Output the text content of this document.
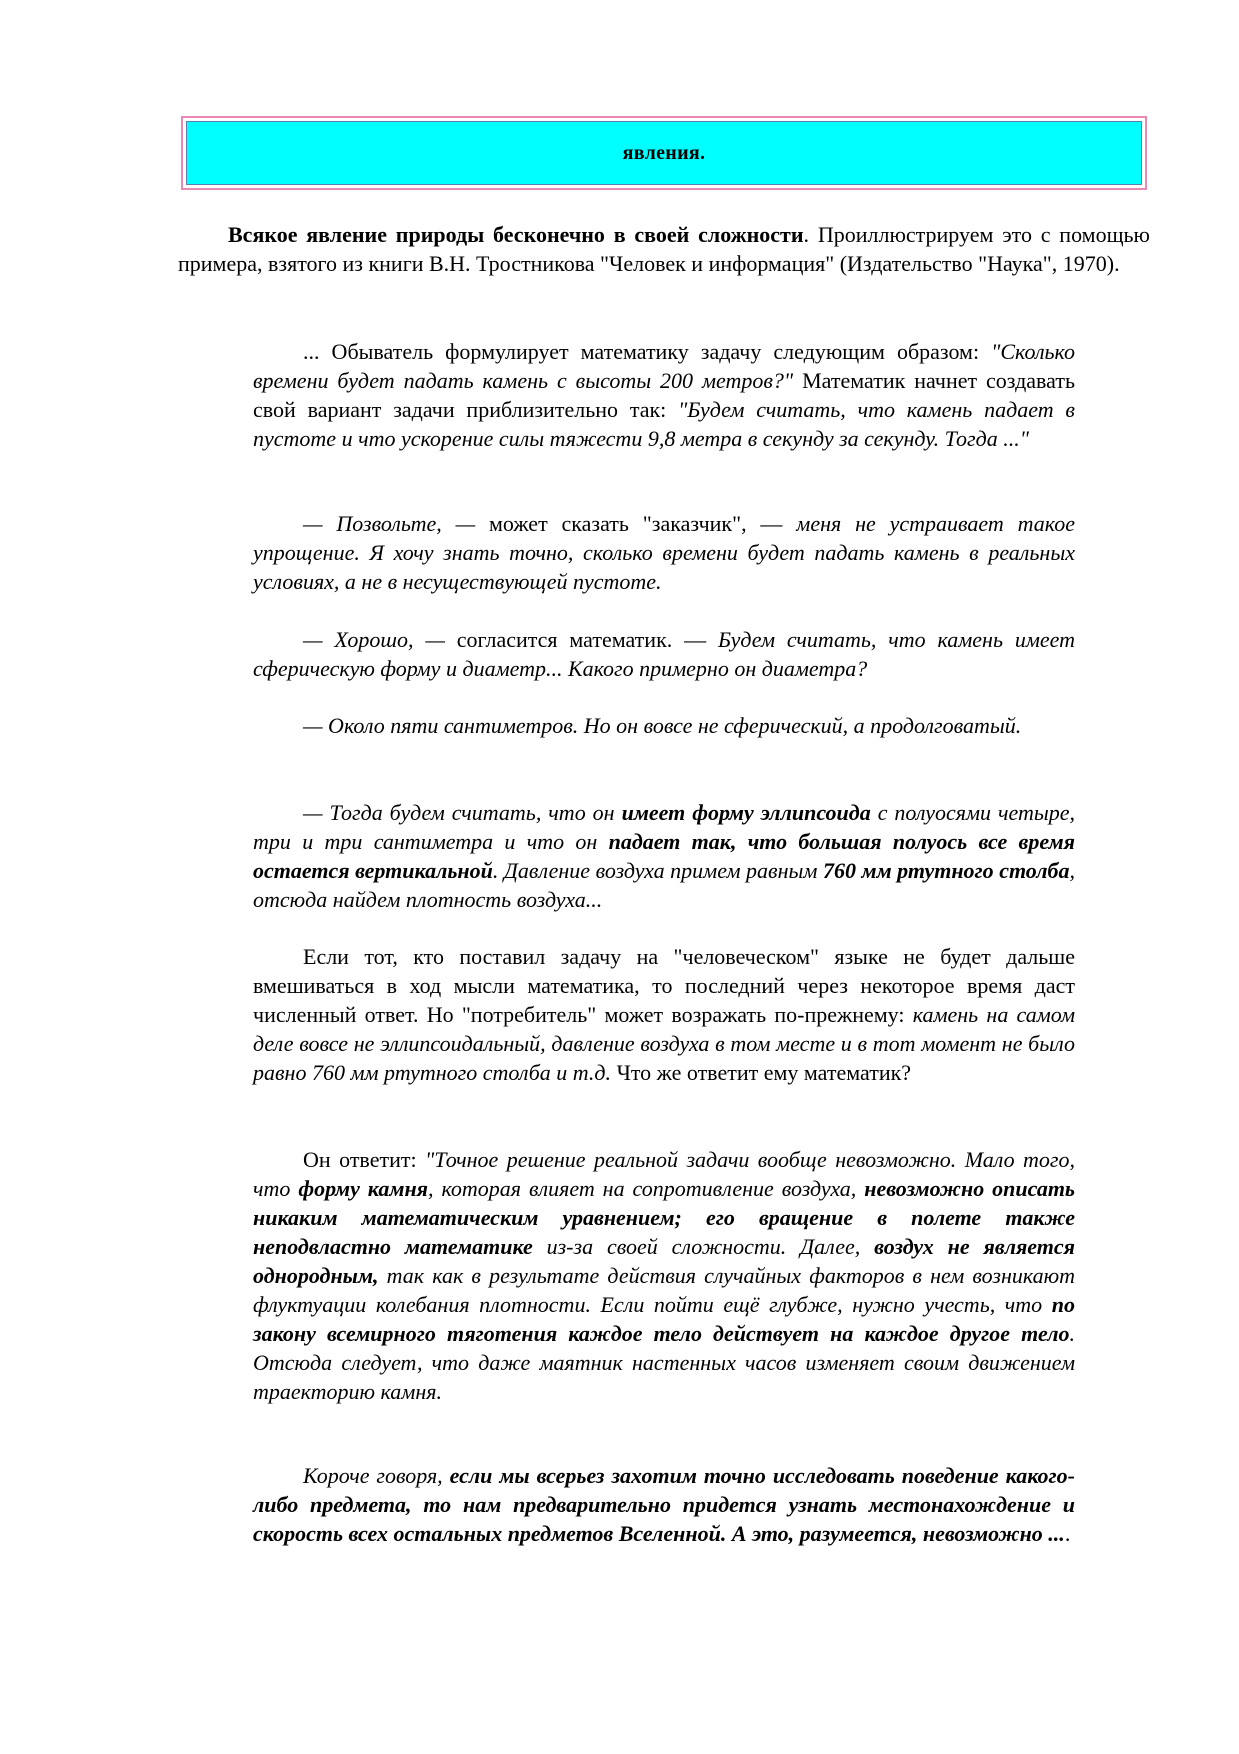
явления.

Всякое явление природы бесконечно в своей сложности. Проиллюстрируем это с помощью примера, взятого из книги В.Н. Тростникова "Человек и информация" (Издательство "Наука", 1970).

... Обыватель формулирует математику задачу следующим образом: "Сколько времени будет падать камень с высоты 200 метров?" Математик начнет создавать свой вариант задачи приблизительно так: "Будем считать, что камень падает в пустоте и что ускорение силы тяжести 9,8 метра в секунду за секунду. Тогда ..."

— Позвольте, — может сказать "заказчик", — меня не устраивает такое упрощение. Я хочу знать точно, сколько времени будет падать камень в реальных условиях, а не в несуществующей пустоте.

— Хорошо, — согласится математик. — Будем считать, что камень имеет сферическую форму и диаметр... Какого примерно он диаметра?

— Около пяти сантиметров. Но он вовсе не сферический, а продолговатый.

— Тогда будем считать, что он имеет форму эллипсоида с полуосями четыре, три и три сантиметра и что он падает так, что большая полуось все время остается вертикальной. Давление воздуха примем равным 760 мм ртутного столба, отсюда найдем плотность воздуха...

Если тот, кто поставил задачу на "человеческом" языке не будет дальше вмешиваться в ход мысли математика, то последний через некоторое время даст численный ответ. Но "потребитель" может возражать по-прежнему: камень на самом деле вовсе не эллипсоидальный, давление воздуха в том месте и в тот момент не было равно 760 мм ртутного столба и т.д. Что же ответит ему математик?

Он ответит: "Точное решение реальной задачи вообще невозможно. Мало того, что форму камня, которая влияет на сопротивление воздуха, невозможно описать никаким математическим уравнением; его вращение в полете также неподвластно математике из-за своей сложности. Далее, воздух не является однородным, так как в результате действия случайных факторов в нем возникают флуктуации колебания плотности. Если пойти ещё глубже, нужно учесть, что по закону всемирного тяготения каждое тело действует на каждое другое тело. Отсюда следует, что даже маятник настенных часов изменяет своим движением траекторию камня.

Короче говоря, если мы всерьез захотим точно исследовать поведение какого-либо предмета, то нам предварительно придется узнать местонахождение и скорость всех остальных предметов Вселенной. А это, разумеется, невозможно ....
